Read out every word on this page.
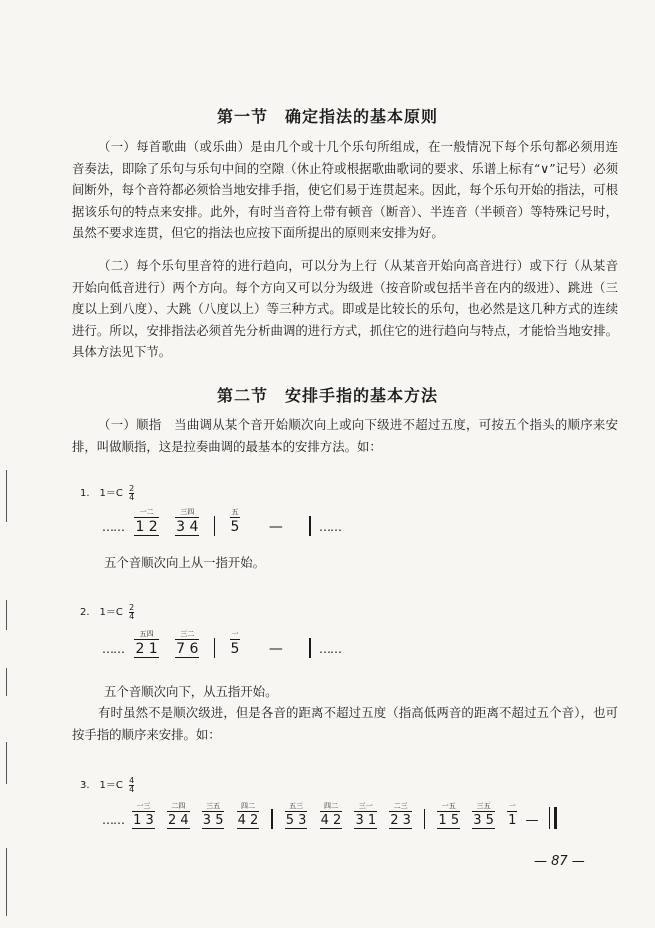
第一节　确定指法的基本原则
（一）每首歌曲（或乐曲）是由几个或十几个乐句所组成，在一般情况下每个乐句都必须用连音奏法，即除了乐句与乐句中间的空隙（休止符或根据歌曲歌词的要求、乐谱上标有“∨”记号）必须间断外，每个音符都必须恰当地安排手指，使它们易于连贯起来。因此，每个乐句开始的指法，可根据该乐句的特点来安排。此外，有时当音符上带有顿音（断音）、半连音（半顿音）等特殊记号时，虽然不要求连贯，但它的指法也应按下面所提出的原则来安排为好。
（二）每个乐句里音符的进行趋向，可以分为上行（从某音开始向高音进行）或下行（从某音开始向低音进行）两个方向。每个方向又可以分为级进（按音阶或包括半音在内的级进）、跳进（三度以上到八度）、大跳（八度以上）等三种方式。即或是比较长的乐句，也必然是这几种方式的连续进行。所以，安排指法必须首先分析曲调的进行方式，抓住它的进行趋向与特点，才能恰当地安排。具体方法见下节。
第二节　安排手指的基本方法
（一）顺指　当曲调从某个音开始顺次向上或向下级进不超过五度，可按五个指头的顺序来安排，叫做顺指，这是拉奏曲调的最基本的安排方法。如：
1.　$1=C \frac{2}{4}$
……
一二
1 2

三四
3 4

五
5 —	……
五个音顺次向上从一指开始。
2.　$1=C \frac{2}{4}$
……
五四
2 1

三二
7 6

一
5 —	……
五个音顺次向下，从五指开始。
有时虽然不是顺次级进，但是各音的距离不超过五度（指高低两音的距离不超过五个音），也可按手指的顺序来安排。如：
3.　$1=C \frac{4}{4}$
……
一三
1 3

二四
2 4

三五
3 5

四二
4 2

五三
5 3

四二
4 2

三一
3 1

二三
2 3

一五
1 5

三五
3 5

一
1 —
— 87 —
